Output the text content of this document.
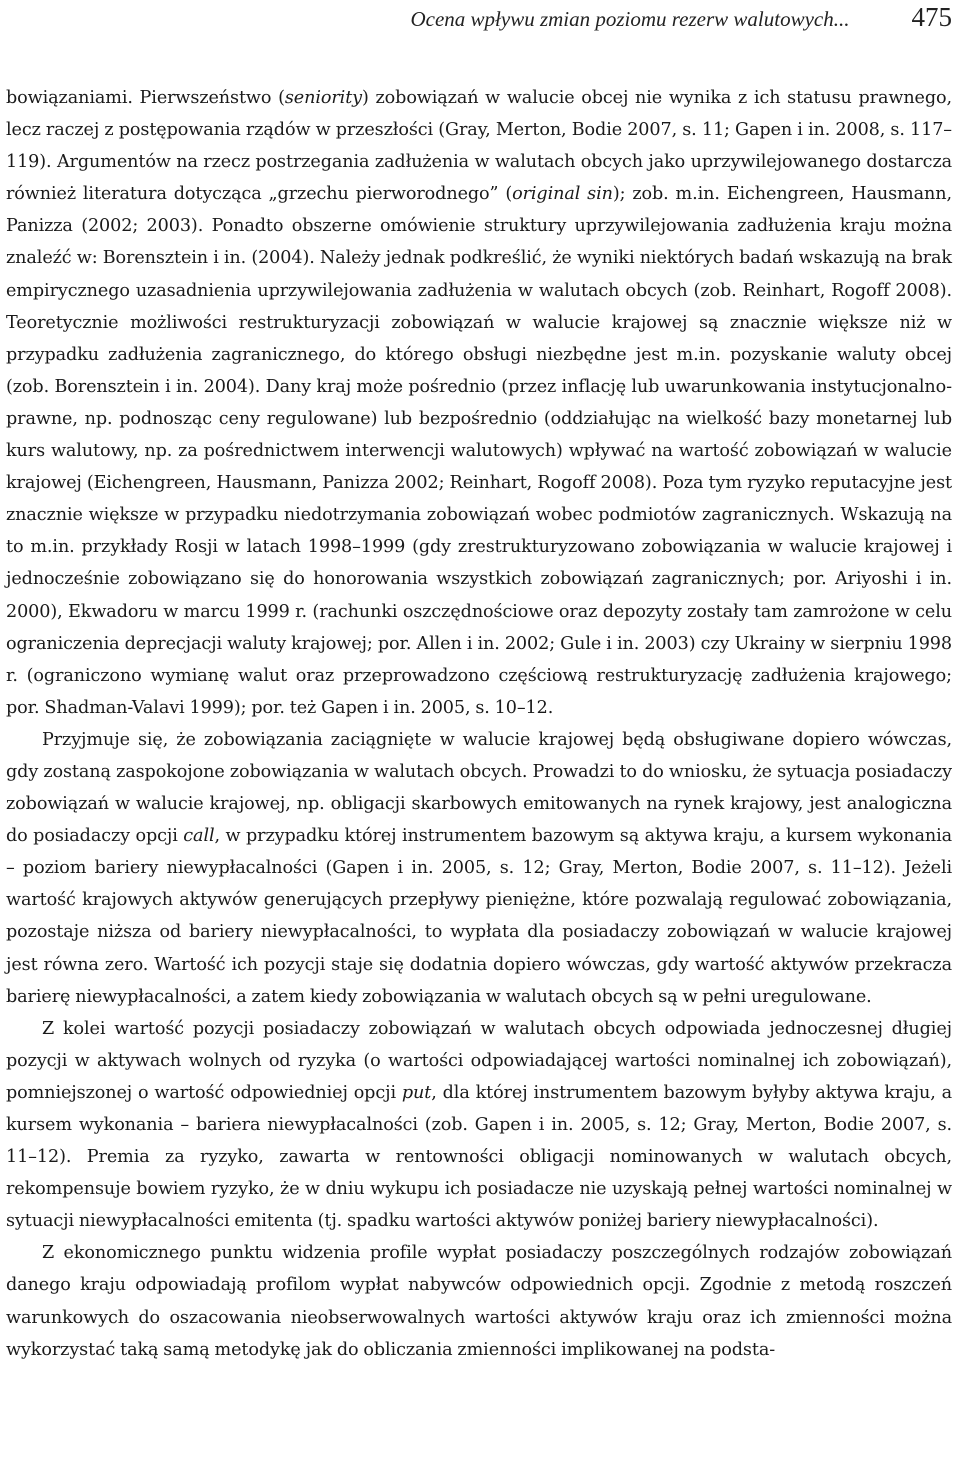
Ocena wpływu zmian poziomu rezerw walutowych... 475

bowiązaniami. Pierwszeństwo (seniority) zobowiązań w walucie obcej nie wynika z ich statusu prawnego, lecz raczej z postępowania rządów w przeszłości (Gray, Merton, Bodie 2007, s. 11; Gapen i in. 2008, s. 117–119). Argumentów na rzecz postrzegania zadłużenia w walutach obcych jako uprzywilejowanego dostarcza również literatura dotycząca „grzechu pierworodnego” (original sin); zob. m.in. Eichengreen, Hausmann, Panizza (2002; 2003). Ponadto obszerne omówienie struktury uprzywilejowania zadłużenia kraju można znaleźć w: Borensztein i in. (2004). Należy jednak podkreślić, że wyniki niektórych badań wskazują na brak empirycznego uzasadnienia uprzywilejowania zadłużenia w walutach obcych (zob. Reinhart, Rogoff 2008). Teoretycznie możliwości restrukturyzacji zobowiązań w walucie krajowej są znacznie większe niż w przypadku zadłużenia zagranicznego, do którego obsługi niezbędne jest m.in. pozyskanie waluty obcej (zob. Borensztein i in. 2004). Dany kraj może pośrednio (przez inflację lub uwarunkowania instytucjonalno-prawne, np. podnosząc ceny regulowane) lub bezpośrednio (oddziałując na wielkość bazy monetarnej lub kurs walutowy, np. za pośrednictwem interwencji walutowych) wpływać na wartość zobowiązań w walucie krajowej (Eichengreen, Hausmann, Panizza 2002; Reinhart, Rogoff 2008). Poza tym ryzyko reputacyjne jest znacznie większe w przypadku niedotrzymania zobowiązań wobec podmiotów zagranicznych. Wskazują na to m.in. przykłady Rosji w latach 1998–1999 (gdy zrestrukturyzowano zobowiązania w walucie krajowej i jednocześnie zobowiązano się do honorowania wszystkich zobowiązań zagranicznych; por. Ariyoshi i in. 2000), Ekwadoru w marcu 1999 r. (rachunki oszczędnościowe oraz depozyty zostały tam zamrożone w celu ograniczenia deprecjacji waluty krajowej; por. Allen i in. 2002; Gule i in. 2003) czy Ukrainy w sierpniu 1998 r. (ograniczono wymianę walut oraz przeprowadzono częściową restrukturyzację zadłużenia krajowego; por. Shadman-Valavi 1999); por. też Gapen i in. 2005, s. 10–12.

Przyjmuje się, że zobowiązania zaciągnięte w walucie krajowej będą obsługiwane dopiero wówczas, gdy zostaną zaspokojone zobowiązania w walutach obcych. Prowadzi to do wniosku, że sytuacja posiadaczy zobowiązań w walucie krajowej, np. obligacji skarbowych emitowanych na rynek krajowy, jest analogiczna do posiadaczy opcji call, w przypadku której instrumentem bazowym są aktywa kraju, a kursem wykonania – poziom bariery niewypłacalności (Gapen i in. 2005, s. 12; Gray, Merton, Bodie 2007, s. 11–12). Jeżeli wartość krajowych aktywów generujących przepływy pieniężne, które pozwalają regulować zobowiązania, pozostaje niższa od bariery niewypłacalności, to wypłata dla posiadaczy zobowiązań w walucie krajowej jest równa zero. Wartość ich pozycji staje się dodatnia dopiero wówczas, gdy wartość aktywów przekracza barierę niewypłacalności, a zatem kiedy zobowiązania w walutach obcych są w pełni uregulowane.

Z kolei wartość pozycji posiadaczy zobowiązań w walutach obcych odpowiada jednoczesnej długiej pozycji w aktywach wolnych od ryzyka (o wartości odpowiadającej wartości nominalnej ich zobowiązań), pomniejszonej o wartość odpowiedniej opcji put, dla której instrumentem bazowym byłyby aktywa kraju, a kursem wykonania – bariera niewypłacalności (zob. Gapen i in. 2005, s. 12; Gray, Merton, Bodie 2007, s. 11–12). Premia za ryzyko, zawarta w rentowności obligacji nominowanych w walutach obcych, rekompensuje bowiem ryzyko, że w dniu wykupu ich posiadacze nie uzyskają pełnej wartości nominalnej w sytuacji niewypłacalności emitenta (tj. spadku wartości aktywów poniżej bariery niewypłacalności).

Z ekonomicznego punktu widzenia profile wypłat posiadaczy poszczególnych rodzajów zobowiązań danego kraju odpowiadają profilom wypłat nabywców odpowiednich opcji. Zgodnie z metodą roszczeń warunkowych do oszacowania nieobserwowalnych wartości aktywów kraju oraz ich zmienności można wykorzystać taką samą metodykę jak do obliczania zmienności implikowanej na podsta-
